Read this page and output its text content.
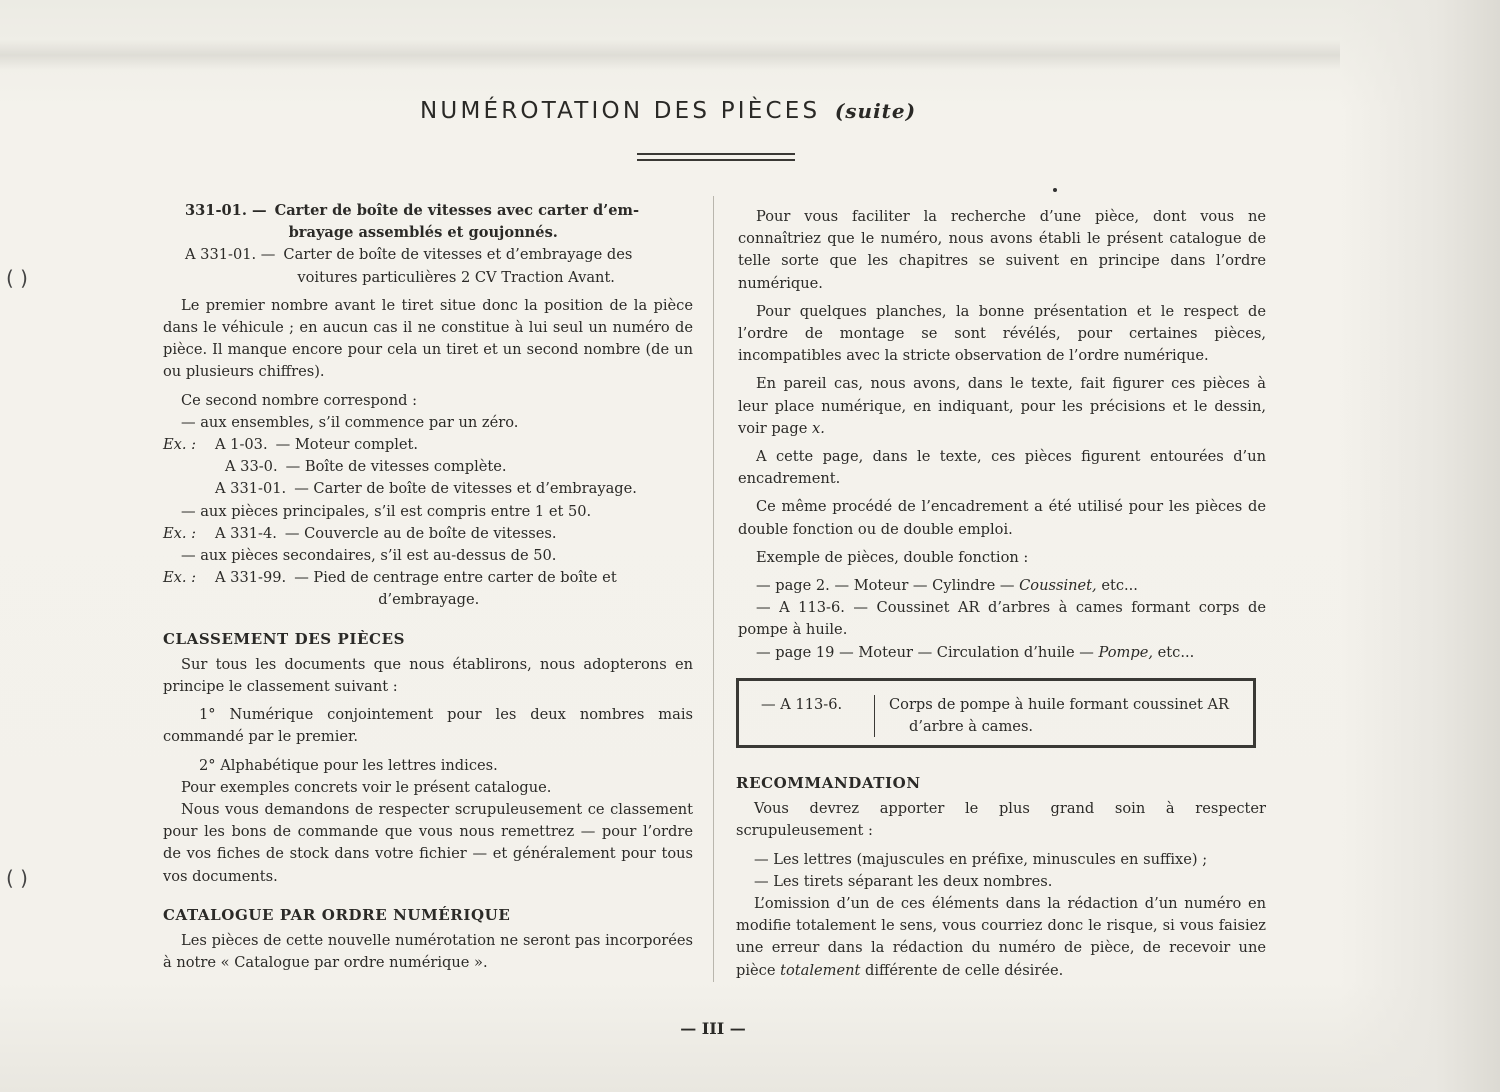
( )
( )
NUMÉROTATION DES PIÈCES (suite)
331-01. — Carter de boîte de vitesses avec carter d’em-
brayage assemblés et goujonnés.
A 331-01. — Carter de boîte de vitesses et d’embrayage des
voitures particulières 2 CV Traction Avant.

Le premier nombre avant le tiret situe donc la position de la pièce dans le véhicule ; en aucun cas il ne constitue à lui seul un numéro de pièce. Il manque encore pour cela un tiret et un second nombre (de un ou plusieurs chiffres).

Ce second nombre correspond :

— aux ensembles, s’il commence par un zéro.

Ex. :	A 1-03. — Moteur complet.
A 33-0. — Boîte de vitesses complète.
A 331-01. — Carter de boîte de vitesses et d’embrayage.

— aux pièces principales, s’il est compris entre 1 et 50.

Ex. :	A 331-4. — Couvercle au de boîte de vitesses.

— aux pièces secondaires, s’il est au-dessus de 50.

Ex. :	A 331-99. — Pied de centrage entre carter de boîte et
d’embrayage.
CLASSEMENT DES PIÈCES

Sur tous les documents que nous établirons, nous adopterons en principe le classement suivant :

1° Numérique conjointement pour les deux nombres mais commandé par le premier.

2° Alphabétique pour les lettres indices.

Pour exemples concrets voir le présent catalogue.

Nous vous demandons de respecter scrupuleusement ce classement pour les bons de commande que vous nous remettrez — pour l’ordre de vos fiches de stock dans votre fichier — et généralement pour tous vos documents.

CATALOGUE PAR ORDRE NUMÉRIQUE

Les pièces de cette nouvelle numérotation ne seront pas incorporées à notre « Catalogue par ordre numérique ».

Pour vous faciliter la recherche d’une pièce, dont vous ne connaîtriez que le numéro, nous avons établi le présent catalogue de telle sorte que les chapitres se suivent en principe dans l’ordre numérique.

Pour quelques planches, la bonne présentation et le respect de l’ordre de montage se sont révélés, pour certaines pièces, incompatibles avec la stricte observation de l’ordre numérique.

En pareil cas, nous avons, dans le texte, fait figurer ces pièces à leur place numérique, en indiquant, pour les précisions et le dessin, voir page x.

A cette page, dans le texte, ces pièces figurent entourées d’un encadrement.

Ce même procédé de l’encadrement a été utilisé pour les pièces de double fonction ou de double emploi.

Exemple de pièces, double fonction :

— page 2. — Moteur — Cylindre — Coussinet, etc...

— A 113-6. — Coussinet AR d’arbres à cames formant corps de pompe à huile.

— page 19 — Moteur — Circulation d’huile — Pompe, etc...

— A 113-6.	Corps de pompe à huile formant coussinet AR
d’arbre à cames.
RECOMMANDATION

Vous devrez apporter le plus grand soin à respecter scrupuleusement :

— Les lettres (majuscules en préfixe, minuscules en suffixe) ;

— Les tirets séparant les deux nombres.

L’omission d’un de ces éléments dans la rédaction d’un numéro en modifie totalement le sens, vous courriez donc le risque, si vous faisiez une erreur dans la rédaction du numéro de pièce, de recevoir une pièce totalement différente de celle désirée.

— III —
